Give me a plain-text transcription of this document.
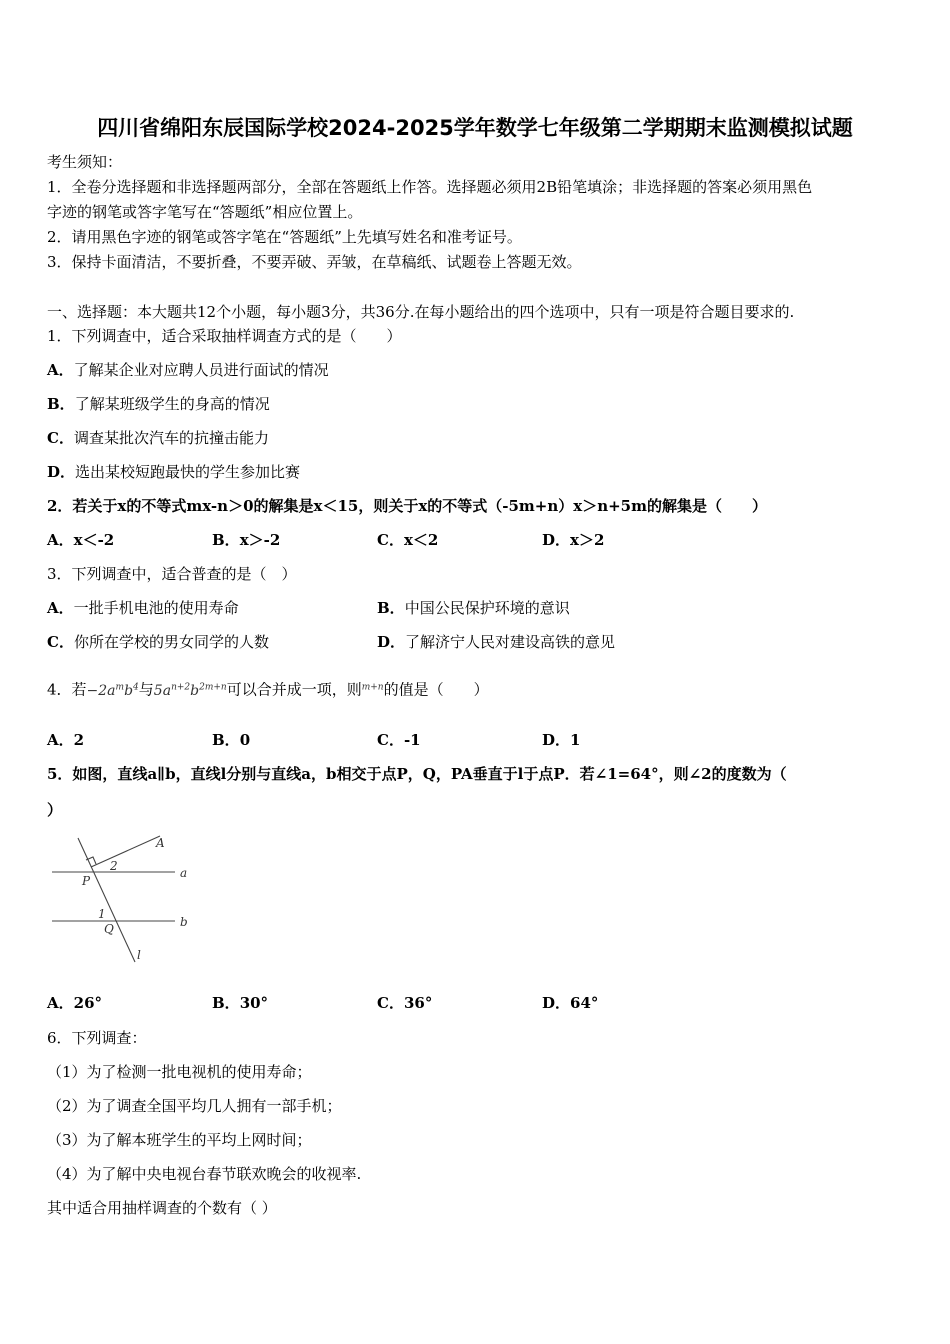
四川省绵阳东辰国际学校2024-2025学年数学七年级第二学期期末监测模拟试题
考生须知：
1．全卷分选择题和非选择题两部分，全部在答题纸上作答。选择题必须用2B铅笔填涂；非选择题的答案必须用黑色
字迹的钢笔或答字笔写在“答题纸”相应位置上。
2．请用黑色字迹的钢笔或答字笔在“答题纸”上先填写姓名和准考证号。
3．保持卡面清洁，不要折叠，不要弄破、弄皱，在草稿纸、试题卷上答题无效。
一、选择题：本大题共12个小题，每小题3分，共36分.在每小题给出的四个选项中，只有一项是符合题目要求的.
1．下列调查中，适合采取抽样调查方式的是（　　）
A．了解某企业对应聘人员进行面试的情况
B．了解某班级学生的身高的情况
C．调查某批次汽车的抗撞击能力
D．选出某校短跑最快的学生参加比赛
2．若关于x的不等式mx-n＞0的解集是x＜15，则关于x的不等式（-5m+n）x＞n+5m的解集是（　　）
A．x＜-2	B．x＞-2	C．x＜2	D．x＞2
3．下列调查中，适合普查的是（　）
A．一批手机电池的使用寿命	B．中国公民保护环境的意识
C．你所在学校的男女同学的人数	D．了解济宁人民对建设高铁的意见
4．若$-2a^mb^4$与$5a^{n+2}b^{2m+n}$可以合并成一项，则$^{m+n}$的值是（　　）
A．2	B．0	C．-1	D．1
5．如图，直线a∥b，直线l分别与直线a，b相交于点P，Q，PA垂直于l于点P．若∠1=64°，则∠2的度数为（
）
A
2
P
a
1
Q	b
l
A．26°	B．30°	C．36°	D．64°
6．下列调查：
（1）为了检测一批电视机的使用寿命；
（2）为了调查全国平均几人拥有一部手机；
（3）为了解本班学生的平均上网时间；
（4）为了解中央电视台春节联欢晚会的收视率.
其中适合用抽样调查的个数有（ ）
